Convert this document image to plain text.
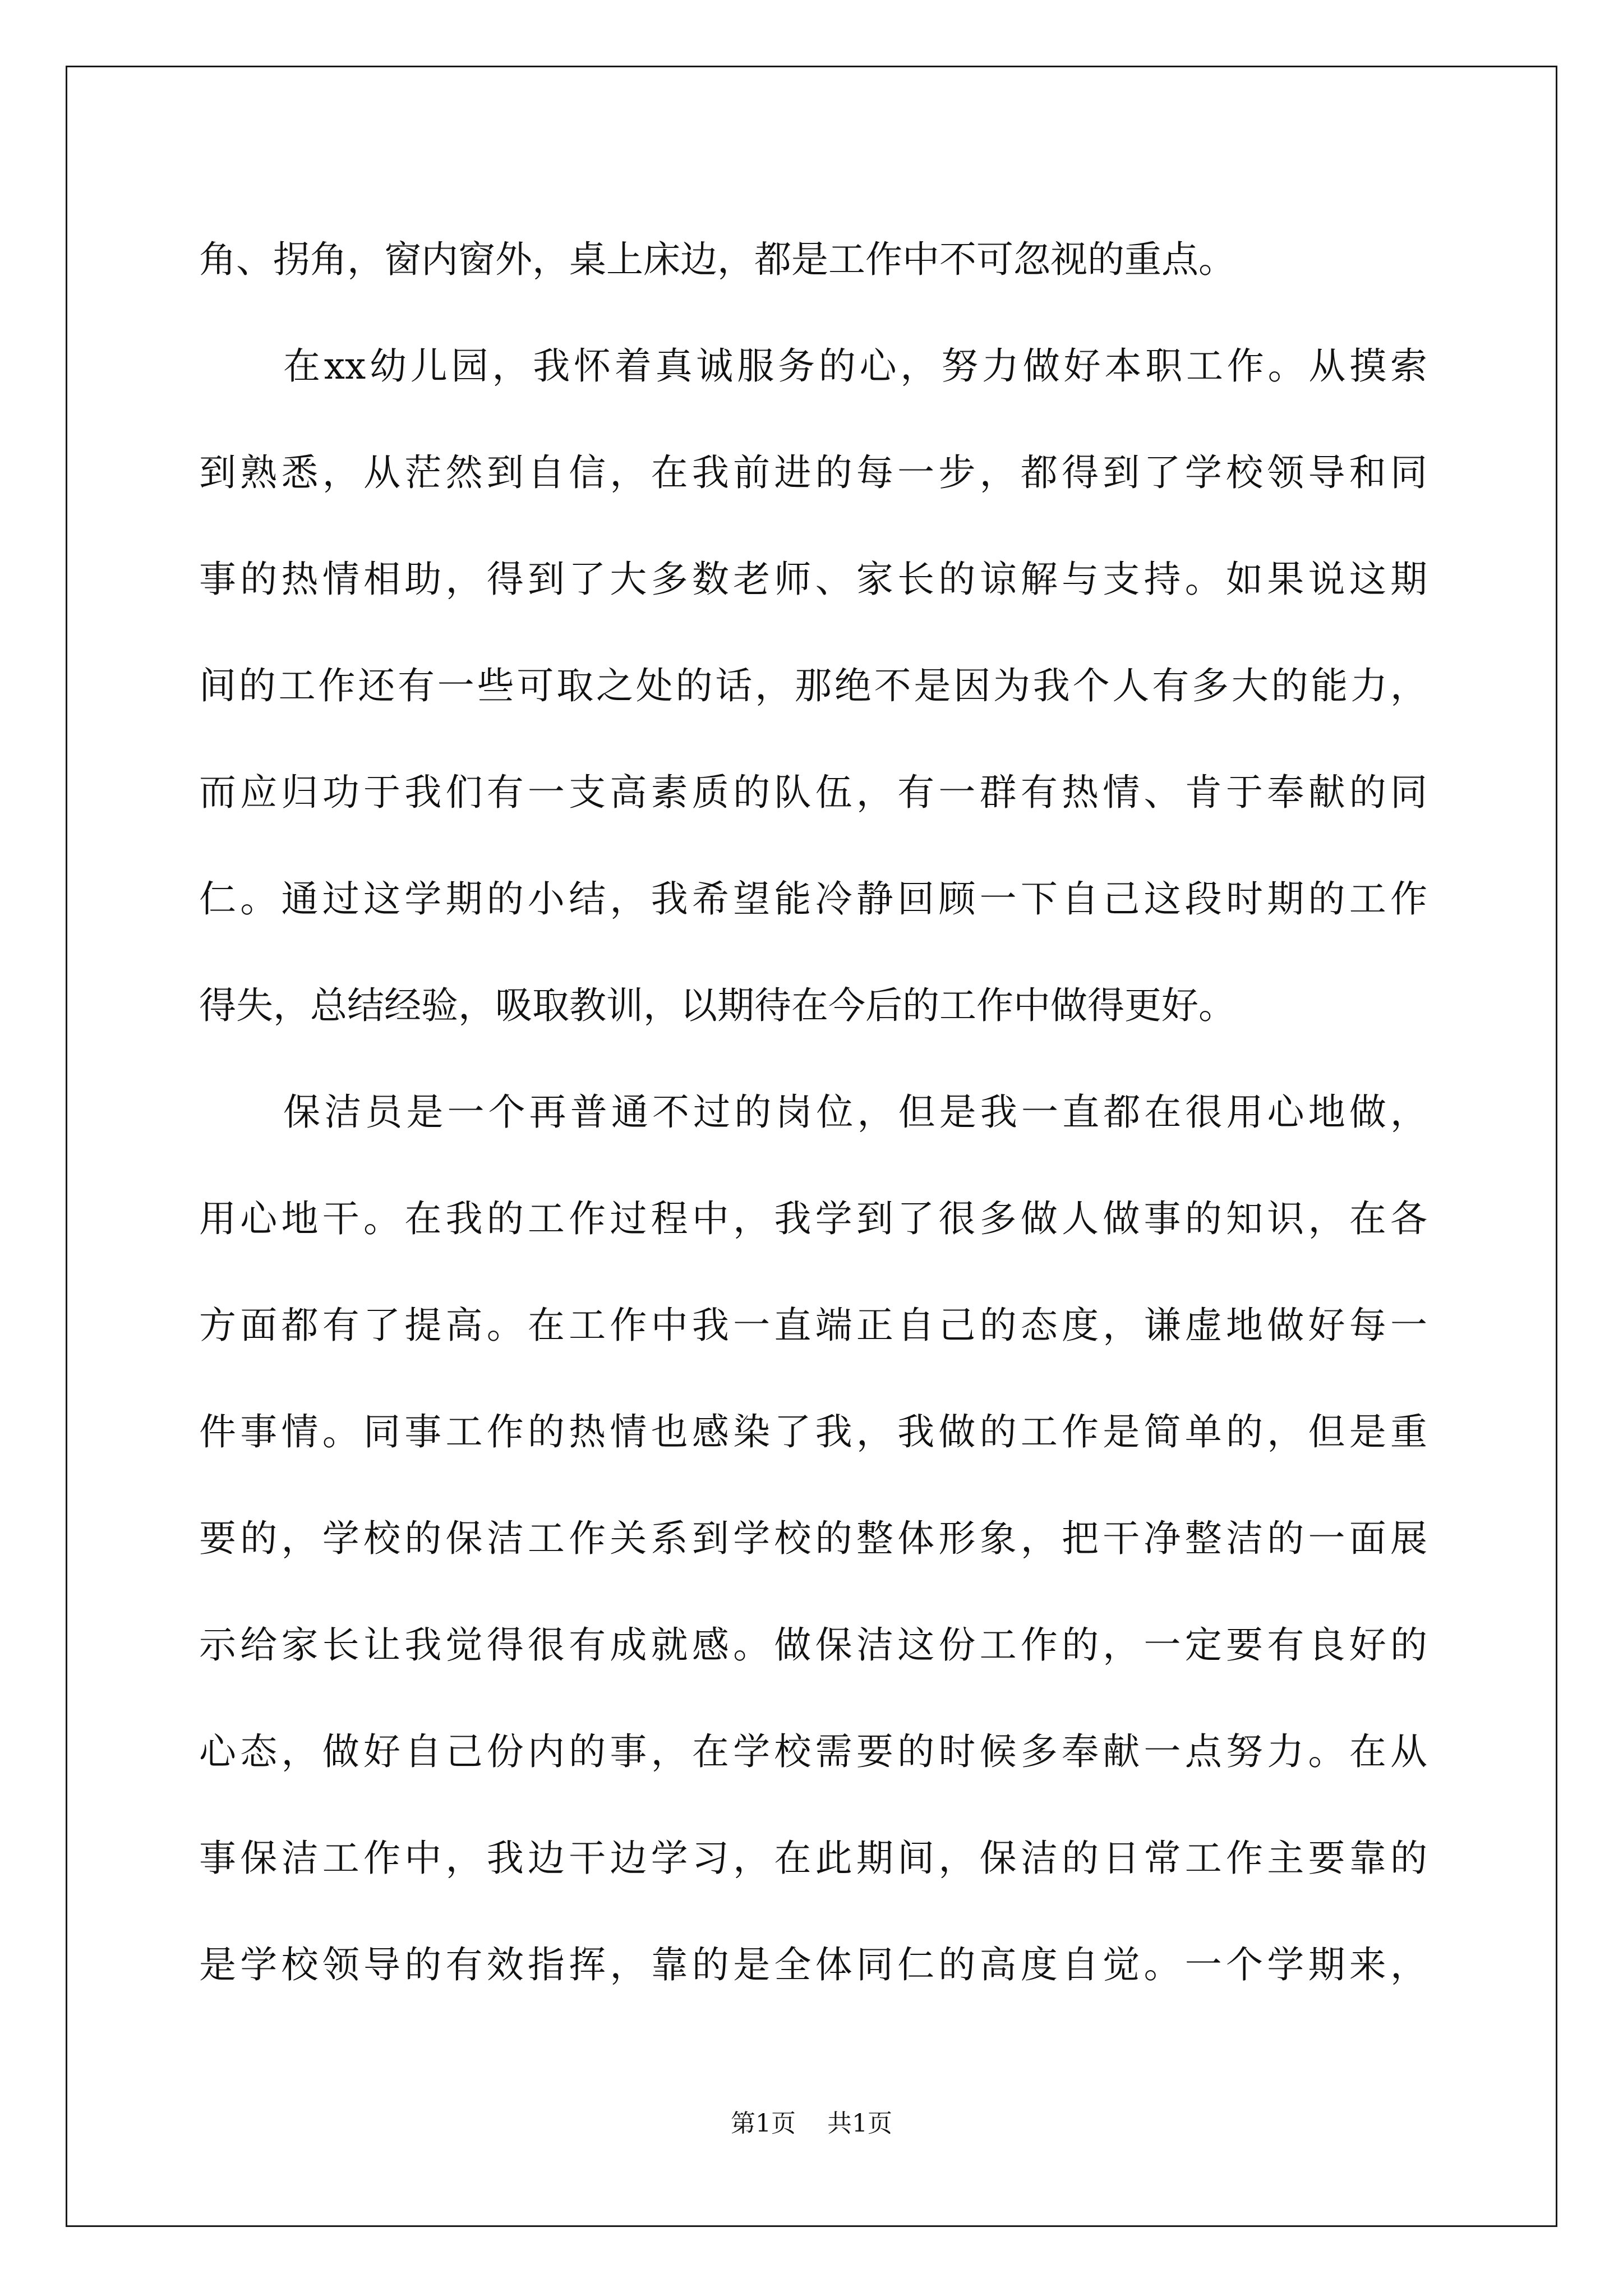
角、拐角，窗内窗外，桌上床边，都是工作中不可忽视的重点。
在xx幼儿园，我怀着真诚服务的心，努力做好本职工作。从摸索
到熟悉，从茫然到自信，在我前进的每一步，都得到了学校领导和同
事的热情相助，得到了大多数老师、家长的谅解与支持。如果说这期
间的工作还有一些可取之处的话，那绝不是因为我个人有多大的能力，
而应归功于我们有一支高素质的队伍，有一群有热情、肯于奉献的同
仁。通过这学期的小结，我希望能冷静回顾一下自己这段时期的工作
得失，总结经验，吸取教训，以期待在今后的工作中做得更好。
保洁员是一个再普通不过的岗位，但是我一直都在很用心地做，
用心地干。在我的工作过程中，我学到了很多做人做事的知识，在各
方面都有了提高。在工作中我一直端正自己的态度，谦虚地做好每一
件事情。同事工作的热情也感染了我，我做的工作是简单的，但是重
要的，学校的保洁工作关系到学校的整体形象，把干净整洁的一面展
示给家长让我觉得很有成就感。做保洁这份工作的，一定要有良好的
心态，做好自己份内的事，在学校需要的时候多奉献一点努力。在从
事保洁工作中，我边干边学习，在此期间，保洁的日常工作主要靠的
是学校领导的有效指挥，靠的是全体同仁的高度自觉。一个学期来，
第1页 共1页
